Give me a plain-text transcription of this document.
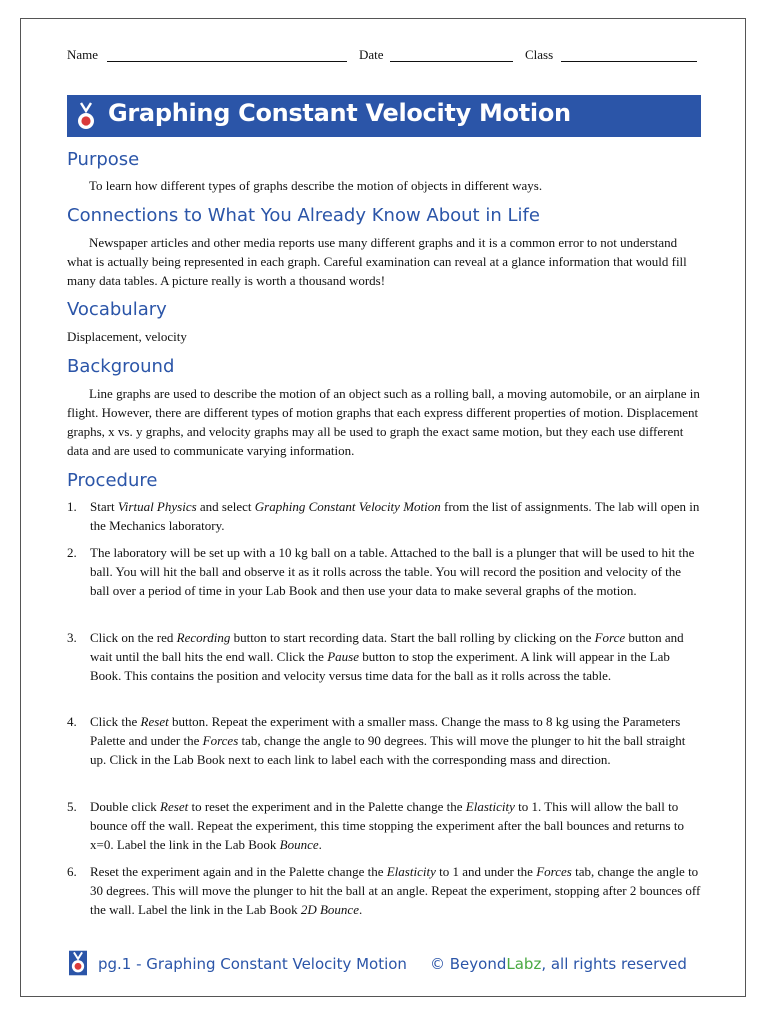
Name	Date	Class
Graphing Constant Velocity Motion
Purpose

To learn how different types of graphs describe the motion of objects in different ways.

Connections to What You Already Know About in Life

Newspaper articles and other media reports use many different graphs and it is a common error to not understand what is actually being represented in each graph. Careful examination can reveal at a glance information that would fill many data tables. A picture really is worth a thousand words!

Vocabulary

Displacement, velocity

Background

Line graphs are used to describe the motion of an object such as a rolling ball, a moving automobile, or an airplane in flight. However, there are different types of motion graphs that each express different properties of motion. Displacement graphs, x vs. y graphs, and velocity graphs may all be used to graph the exact same motion, but they each use different data and are used to communicate varying information.

Procedure
1. Start Virtual Physics and select Graphing Constant Velocity Motion from the list of assignments. The lab will open in the Mechanics laboratory.
2. The laboratory will be set up with a 10 kg ball on a table. Attached to the ball is a plunger that will be used to hit the ball. You will hit the ball and observe it as it rolls across the table. You will record the position and velocity of the ball over a period of time in your Lab Book and then use your data to make several graphs of the motion.
3. Click on the red Recording button to start recording data. Start the ball rolling by clicking on the Force button and wait until the ball hits the end wall. Click the Pause button to stop the experiment. A link will appear in the Lab Book. This contains the position and velocity versus time data for the ball as it rolls across the table.
4. Click the Reset button. Repeat the experiment with a smaller mass. Change the mass to 8 kg using the Parameters Palette and under the Forces tab, change the angle to 90 degrees. This will move the plunger to hit the ball straight up. Click in the Lab Book next to each link to label each with the corresponding mass and direction.
5. Double click Reset to reset the experiment and in the Palette change the Elasticity to 1. This will allow the ball to bounce off the wall. Repeat the experiment, this time stopping the experiment after the ball bounces and returns to x=0. Label the link in the Lab Book Bounce.
6. Reset the experiment again and in the Palette change the Elasticity to 1 and under the Forces tab, change the angle to 30 degrees. This will move the plunger to hit the ball at an angle. Repeat the experiment, stopping after 2 bounces off the wall. Label the link in the Lab Book 2D Bounce.
pg.1 - Graphing Constant Velocity Motion © BeyondLabz, all rights reserved
